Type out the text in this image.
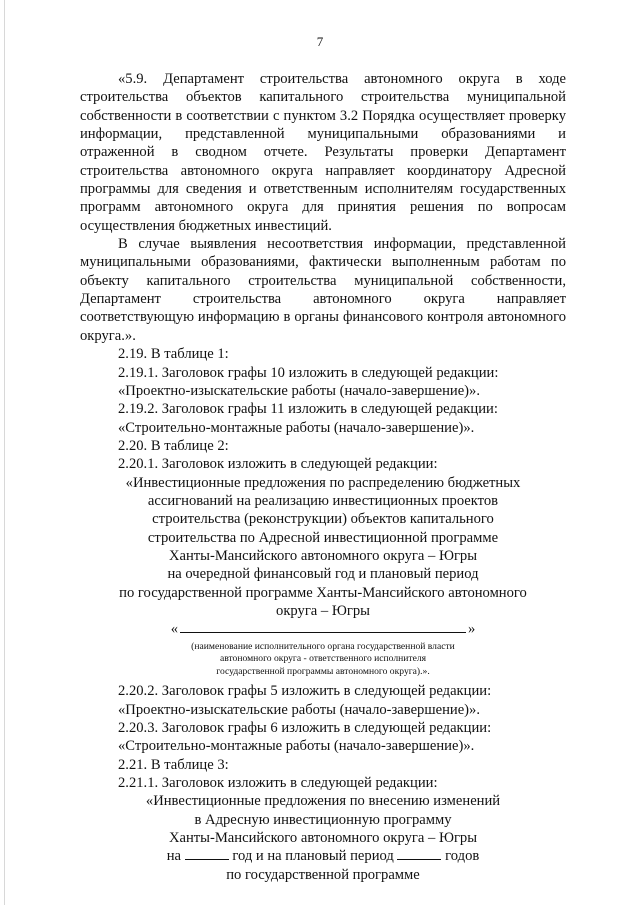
7

«5.9. Департамент строительства автономного округа в ходе строительства объектов капитального строительства муниципальной собственности в соответствии с пунктом 3.2 Порядка осуществляет проверку информации, представленной муниципальными образованиями и отраженной в сводном отчете. Результаты проверки Департамент строительства автономного округа направляет координатору Адресной программы для сведения и ответственным исполнителям государственных программ автономного округа для принятия решения по вопросам осуществления бюджетных инвестиций.

В случае выявления несоответствия информации, представленной муниципальными образованиями, фактически выполненным работам по объекту капитального строительства муниципальной собственности, Департамент строительства автономного округа направляет соответствующую информацию в органы финансового контроля автономного округа.».

2.19. В таблице 1:

2.19.1. Заголовок графы 10 изложить в следующей редакции:

«Проектно-изыскательские работы (начало-завершение)».

2.19.2. Заголовок графы 11 изложить в следующей редакции:

«Строительно-монтажные работы (начало-завершение)».

2.20. В таблице 2:

2.20.1. Заголовок изложить в следующей редакции:

«Инвестиционные предложения по распределению бюджетных

ассигнований на реализацию инвестиционных проектов

строительства (реконструкции) объектов капитального

строительства по Адресной инвестиционной программе

Ханты-Мансийского автономного округа – Югры

на очередной финансовый год и плановый период

по государственной программе Ханты-Мансийского автономного

округа – Югры

«	»

(наименование исполнительного органа государственной власти

автономного округа - ответственного исполнителя

государственной программы автономного округа).».

2.20.2. Заголовок графы 5 изложить в следующей редакции:

«Проектно-изыскательские работы (начало-завершение)».

2.20.3. Заголовок графы 6 изложить в следующей редакции:

«Строительно-монтажные работы (начало-завершение)».

2.21. В таблице 3:

2.21.1. Заголовок изложить в следующей редакции:

«Инвестиционные предложения по внесению изменений

в Адресную инвестиционную программу

Ханты-Мансийского автономного округа – Югры

на	год и на плановый период	годов

по государственной программе
